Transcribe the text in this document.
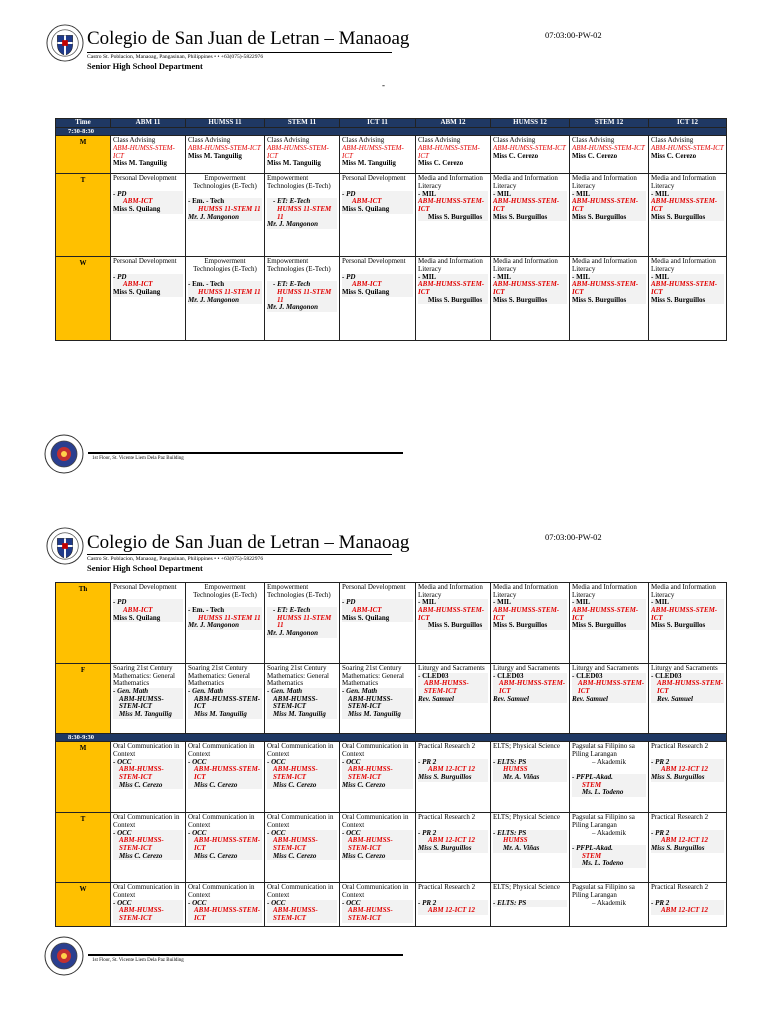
Colegio de San Juan de Letran – Manaoag
Castro St. Poblacion, Manaoag, Pangasinan, Philippines • • +63(075)-5822976
Senior High School Department
07:03:00-PW-02
-
Time	ABM 11	HUMSS 11	STEM 11	ICT 11	ABM 12	HUMSS 12	STEM 12	ICT 12
7:30-8:30								
M	Class Advising
ABM-HUMSS-STEM-ICT
Miss M. Tanguilig	Class Advising
ABM-HUMSS-STEM-ICT
Miss M. Tanguilig	Class Advising
ABM-HUMSS-STEM-ICT
Miss M. Tanguilig	Class Advising
ABM-HUMSS-STEM-ICT
Miss M. Tanguilig	Class Advising
ABM-HUMSS-STEM-ICT
Miss C. Cerezo	Class Advising
ABM-HUMSS-STEM-ICT
Miss C. Cerezo	Class Advising
ABM-HUMSS-STEM-ICT
Miss C. Cerezo	Class Advising
ABM-HUMSS-STEM-ICT
Miss C. Cerezo
T	Personal Development

- PD

ABM-ICT
Miss S. Quilang	Empowerment Technologies (E-Tech)

- Em. - Tech

HUMSS 11-STEM 11
Mr. J. Mangonon	Empowerment Technologies (E-Tech)

- ET: E-Tech
HUMSS 11-STEM 11
Mr. J. Mangonon	Personal Development

- PD

ABM-ICT
Miss S. Quilang	Media and Information Literacy

- MIL
ABM-HUMSS-STEM-ICT

Miss S. Burguillos	Media and Information Literacy

- MIL
ABM-HUMSS-STEM-ICT
Miss S. Burguillos	Media and Information Literacy

- MIL
ABM-HUMSS-STEM-ICT
Miss S. Burguillos	Media and Information Literacy

- MIL
ABM-HUMSS-STEM-ICT
Miss S. Burguillos

W	Personal Development

- PD

ABM-ICT
Miss S. Quilang	Empowerment Technologies (E-Tech)

- Em. - Tech

HUMSS 11-STEM 11
Mr. J. Mangonon	Empowerment Technologies (E-Tech)

- ET: E-Tech
HUMSS 11-STEM 11
Mr. J. Mangonon	Personal Development

- PD

ABM-ICT
Miss S. Quilang	Media and Information Literacy

- MIL
ABM-HUMSS-STEM-ICT

Miss S. Burguillos	Media and Information Literacy

- MIL
ABM-HUMSS-STEM-ICT
Miss S. Burguillos	Media and Information Literacy

- MIL
ABM-HUMSS-STEM-ICT
Miss S. Burguillos	Media and Information Literacy

- MIL
ABM-HUMSS-STEM-ICT
Miss S. Burguillos
1st Floor, St. Vicente Liem Dela Paz Building
Colegio de San Juan de Letran – Manaoag
Castro St. Poblacion, Manaoag, Pangasinan, Philippines • • +63(075)-5822976
Senior High School Department
07:03:00-PW-02
Th	Personal Development

- PD

ABM-ICT
Miss S. Quilang	Empowerment Technologies (E-Tech)

- Em. - Tech

HUMSS 11-STEM 11
Mr. J. Mangonon	Empowerment Technologies (E-Tech)

- ET: E-Tech
HUMSS 11-STEM 11
Mr. J. Mangonon	Personal Development

- PD

ABM-ICT
Miss S. Quilang	Media and Information Literacy

- MIL
ABM-HUMSS-STEM-ICT

Miss S. Burguillos	Media and Information Literacy

- MIL
ABM-HUMSS-STEM-ICT
Miss S. Burguillos	Media and Information Literacy

- MIL
ABM-HUMSS-STEM-ICT
Miss S. Burguillos	Media and Information Literacy

- MIL
ABM-HUMSS-STEM-ICT
Miss S. Burguillos

F	Soaring 21st Century Mathematics: General Mathematics
- Gen. Math

ABM-HUMSS-STEM-ICT
Miss M. Tanguilig	Soaring 21st Century Mathematics: General Mathematics
- Gen. Math

ABM-HUMSS-STEM-ICT
Miss M. Tanguilig	Soaring 21st Century Mathematics: General Mathematics
- Gen. Math

ABM-HUMSS-STEM-ICT
Miss M. Tanguilig	Soaring 21st Century Mathematics: General Mathematics
- Gen. Math

ABM-HUMSS-STEM-ICT
Miss M. Tanguilig	Liturgy and Sacraments

- CLED03

ABM-HUMSS-STEM-ICT
Rev. Samuel	Liturgy and Sacraments

- CLED03

ABM-HUMSS-STEM-ICT
Rev. Samuel	Liturgy and Sacraments

- CLED03

ABM-HUMSS-STEM-ICT
Rev. Samuel	Liturgy and Sacraments

- CLED03

ABM-HUMSS-STEM-ICT
Rev. Samuel

8:30-9:30								
M	Oral Communication in Context
- OCC

ABM-HUMSS-STEM-ICT
Miss C. Cerezo	Oral Communication in Context
- OCC

ABM-HUMSS-STEM-ICT
Miss C. Cerezo	Oral Communication in Context
- OCC

ABM-HUMSS-STEM-ICT
Miss C. Cerezo	Oral Communication in Context
- OCC

ABM-HUMSS-STEM-ICT
Miss C. Cerezo	Practical Research 2

- PR 2

ABM 12-ICT 12
Miss S. Burguillos	ELTS; Physical Science

- ELTS: PS

HUMSS
Mr. A. Viñas	Pagsulat sa Filipino sa Piling Larangan
– Akademik

- PFPL-Akad.

STEM
Ms. L. Todeno	Practical Research 2

- PR 2

ABM 12-ICT 12
Miss S. Burguillos

T	Oral Communication in Context
- OCC

ABM-HUMSS-STEM-ICT
Miss C. Cerezo	Oral Communication in Context
- OCC

ABM-HUMSS-STEM-ICT
Miss C. Cerezo	Oral Communication in Context
- OCC

ABM-HUMSS-STEM-ICT
Miss C. Cerezo	Oral Communication in Context
- OCC

ABM-HUMSS-STEM-ICT
Miss C. Cerezo	Practical Research 2

- PR 2

ABM 12-ICT 12
Miss S. Burguillos	ELTS; Physical Science

- ELTS: PS

HUMSS
Mr. A. Viñas	Pagsulat sa Filipino sa Piling Larangan
– Akademik

- PFPL-Akad.

STEM
Ms. L. Todeno	Practical Research 2

- PR 2

ABM 12-ICT 12
Miss S. Burguillos

W	Oral Communication in Context
- OCC

ABM-HUMSS-STEM-ICT	Oral Communication in Context
- OCC

ABM-HUMSS-STEM-ICT	Oral Communication in Context
- OCC

ABM-HUMSS-STEM-ICT	Oral Communication in Context
- OCC

ABM-HUMSS-STEM-ICT	Practical Research 2

- PR 2

ABM 12-ICT 12	ELTS; Physical Science

- ELTS: PS	Pagsulat sa Filipino sa Piling Larangan
– Akademik	Practical Research 2

- PR 2

ABM 12-ICT 12
1st Floor, St. Vicente Liem Dela Paz Building
